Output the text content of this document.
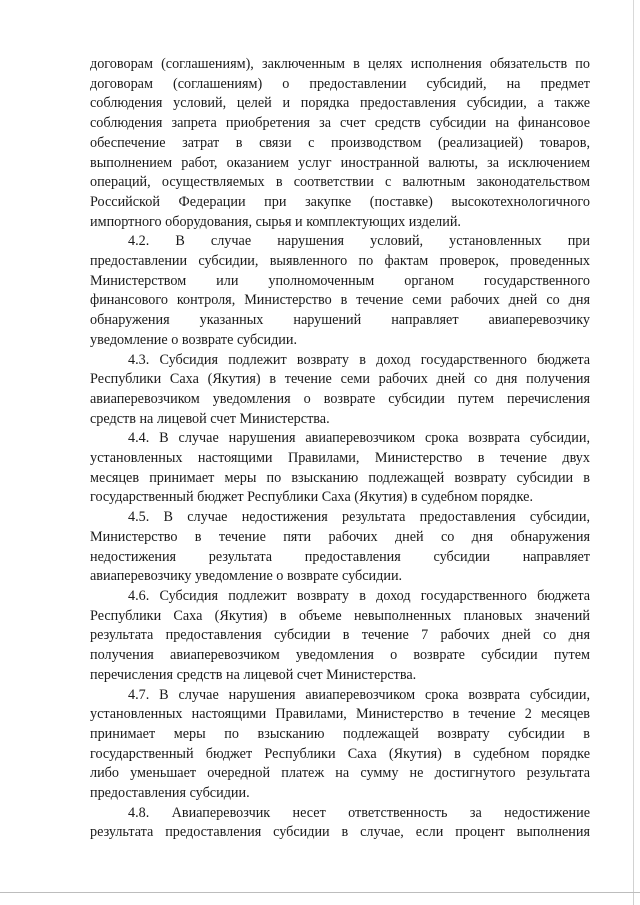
договорам (соглашениям), заключенным в целях исполнения обязательств по
договорам (соглашениям) о предоставлении субсидий, на предмет
соблюдения условий, целей и порядка предоставления субсидии, а также
соблюдения запрета приобретения за счет средств субсидии на финансовое
обеспечение затрат в связи с производством (реализацией) товаров,
выполнением работ, оказанием услуг иностранной валюты, за исключением
операций, осуществляемых в соответствии с валютным законодательством
Российской Федерации при закупке (поставке) высокотехнологичного
импортного оборудования, сырья и комплектующих изделий.
4.2. В случае нарушения условий, установленных при
предоставлении субсидии, выявленного по фактам проверок, проведенных
Министерством или уполномоченным органом государственного
финансового контроля, Министерство в течение семи рабочих дней со дня
обнаружения указанных нарушений направляет авиаперевозчику
уведомление о возврате субсидии.
4.3. Субсидия подлежит возврату в доход государственного бюджета
Республики Саха (Якутия) в течение семи рабочих дней со дня получения
авиаперевозчиком уведомления о возврате субсидии путем перечисления
средств на лицевой счет Министерства.
4.4. В случае нарушения авиаперевозчиком срока возврата субсидии,
установленных настоящими Правилами, Министерство в течение двух
месяцев принимает меры по взысканию подлежащей возврату субсидии в
государственный бюджет Республики Саха (Якутия) в судебном порядке.
4.5. В случае недостижения результата предоставления субсидии,
Министерство в течение пяти рабочих дней со дня обнаружения
недостижения результата предоставления субсидии направляет
авиаперевозчику уведомление о возврате субсидии.
4.6. Субсидия подлежит возврату в доход государственного бюджета
Республики Саха (Якутия) в объеме невыполненных плановых значений
результата предоставления субсидии в течение 7 рабочих дней со дня
получения авиаперевозчиком уведомления о возврате субсидии путем
перечисления средств на лицевой счет Министерства.
4.7. В случае нарушения авиаперевозчиком срока возврата субсидии,
установленных настоящими Правилами, Министерство в течение 2 месяцев
принимает меры по взысканию подлежащей возврату субсидии в
государственный бюджет Республики Саха (Якутия) в судебном порядке
либо уменьшает очередной платеж на сумму не достигнутого результата
предоставления субсидии.
4.8. Авиаперевозчик несет ответственность за недостижение
результата предоставления субсидии в случае, если процент выполнения
